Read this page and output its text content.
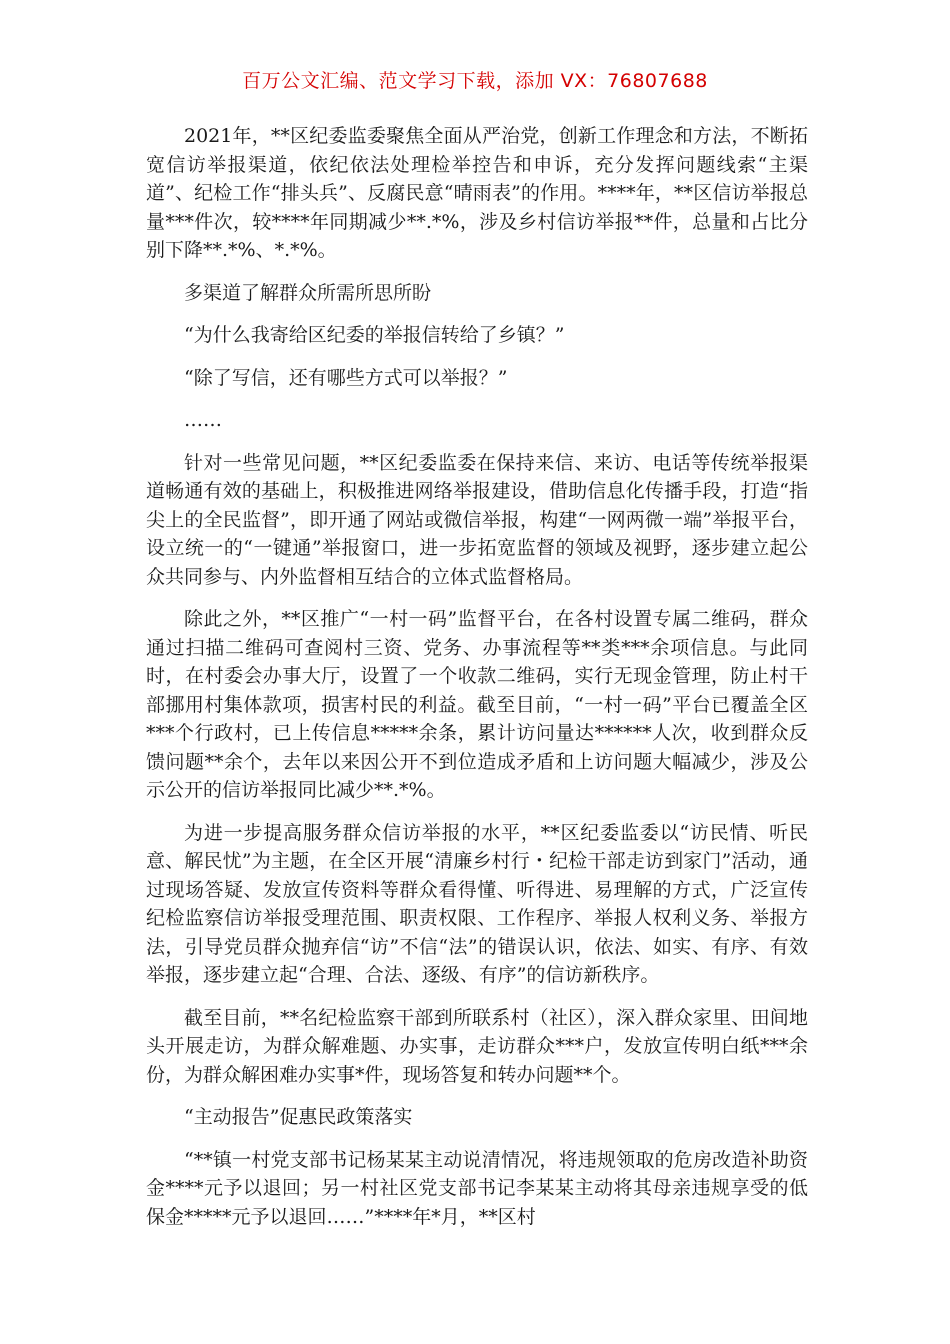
百万公文汇编、范文学习下载，添加 VX：76807688

2021年，**区纪委监委聚焦全面从严治党，创新工作理念和方法，不断拓宽信访举报渠道，依纪依法处理检举控告和申诉，充分发挥问题线索“主渠道”、纪检工作“排头兵”、反腐民意“晴雨表”的作用。****年，**区信访举报总量***件次，较****年同期减少**.*%，涉及乡村信访举报**件，总量和占比分别下降**.*%、*.*%。

多渠道了解群众所需所思所盼

“为什么我寄给区纪委的举报信转给了乡镇？”

“除了写信，还有哪些方式可以举报？”

……

针对一些常见问题，**区纪委监委在保持来信、来访、电话等传统举报渠道畅通有效的基础上，积极推进网络举报建设，借助信息化传播手段，打造“指尖上的全民监督”，即开通了网站或微信举报，构建“一网两微一端”举报平台，设立统一的“一键通”举报窗口，进一步拓宽监督的领域及视野，逐步建立起公众共同参与、内外监督相互结合的立体式监督格局。

除此之外，**区推广“一村一码”监督平台，在各村设置专属二维码，群众通过扫描二维码可查阅村三资、党务、办事流程等**类***余项信息。与此同时，在村委会办事大厅，设置了一个收款二维码，实行无现金管理，防止村干部挪用村集体款项，损害村民的利益。截至目前，“一村一码”平台已覆盖全区***个行政村，已上传信息*****余条，累计访问量达******人次，收到群众反馈问题**余个，去年以来因公开不到位造成矛盾和上访问题大幅减少，涉及公示公开的信访举报同比减少**.*%。

为进一步提高服务群众信访举报的水平，**区纪委监委以“访民情、听民意、解民忧”为主题，在全区开展“清廉乡村行・纪检干部走访到家门”活动，通过现场答疑、发放宣传资料等群众看得懂、听得进、易理解的方式，广泛宣传纪检监察信访举报受理范围、职责权限、工作程序、举报人权利义务、举报方法，引导党员群众抛弃信“访”不信“法”的错误认识，依法、如实、有序、有效举报，逐步建立起“合理、合法、逐级、有序”的信访新秩序。

截至目前，**名纪检监察干部到所联系村（社区），深入群众家里、田间地头开展走访，为群众解难题、办实事，走访群众***户，发放宣传明白纸***余份，为群众解困难办实事*件，现场答复和转办问题**个。

“主动报告”促惠民政策落实

“**镇一村党支部书记杨某某主动说清情况，将违规领取的危房改造补助资金****元予以退回；另一村社区党支部书记李某某主动将其母亲违规享受的低保金*****元予以退回……”****年*月，**区村
